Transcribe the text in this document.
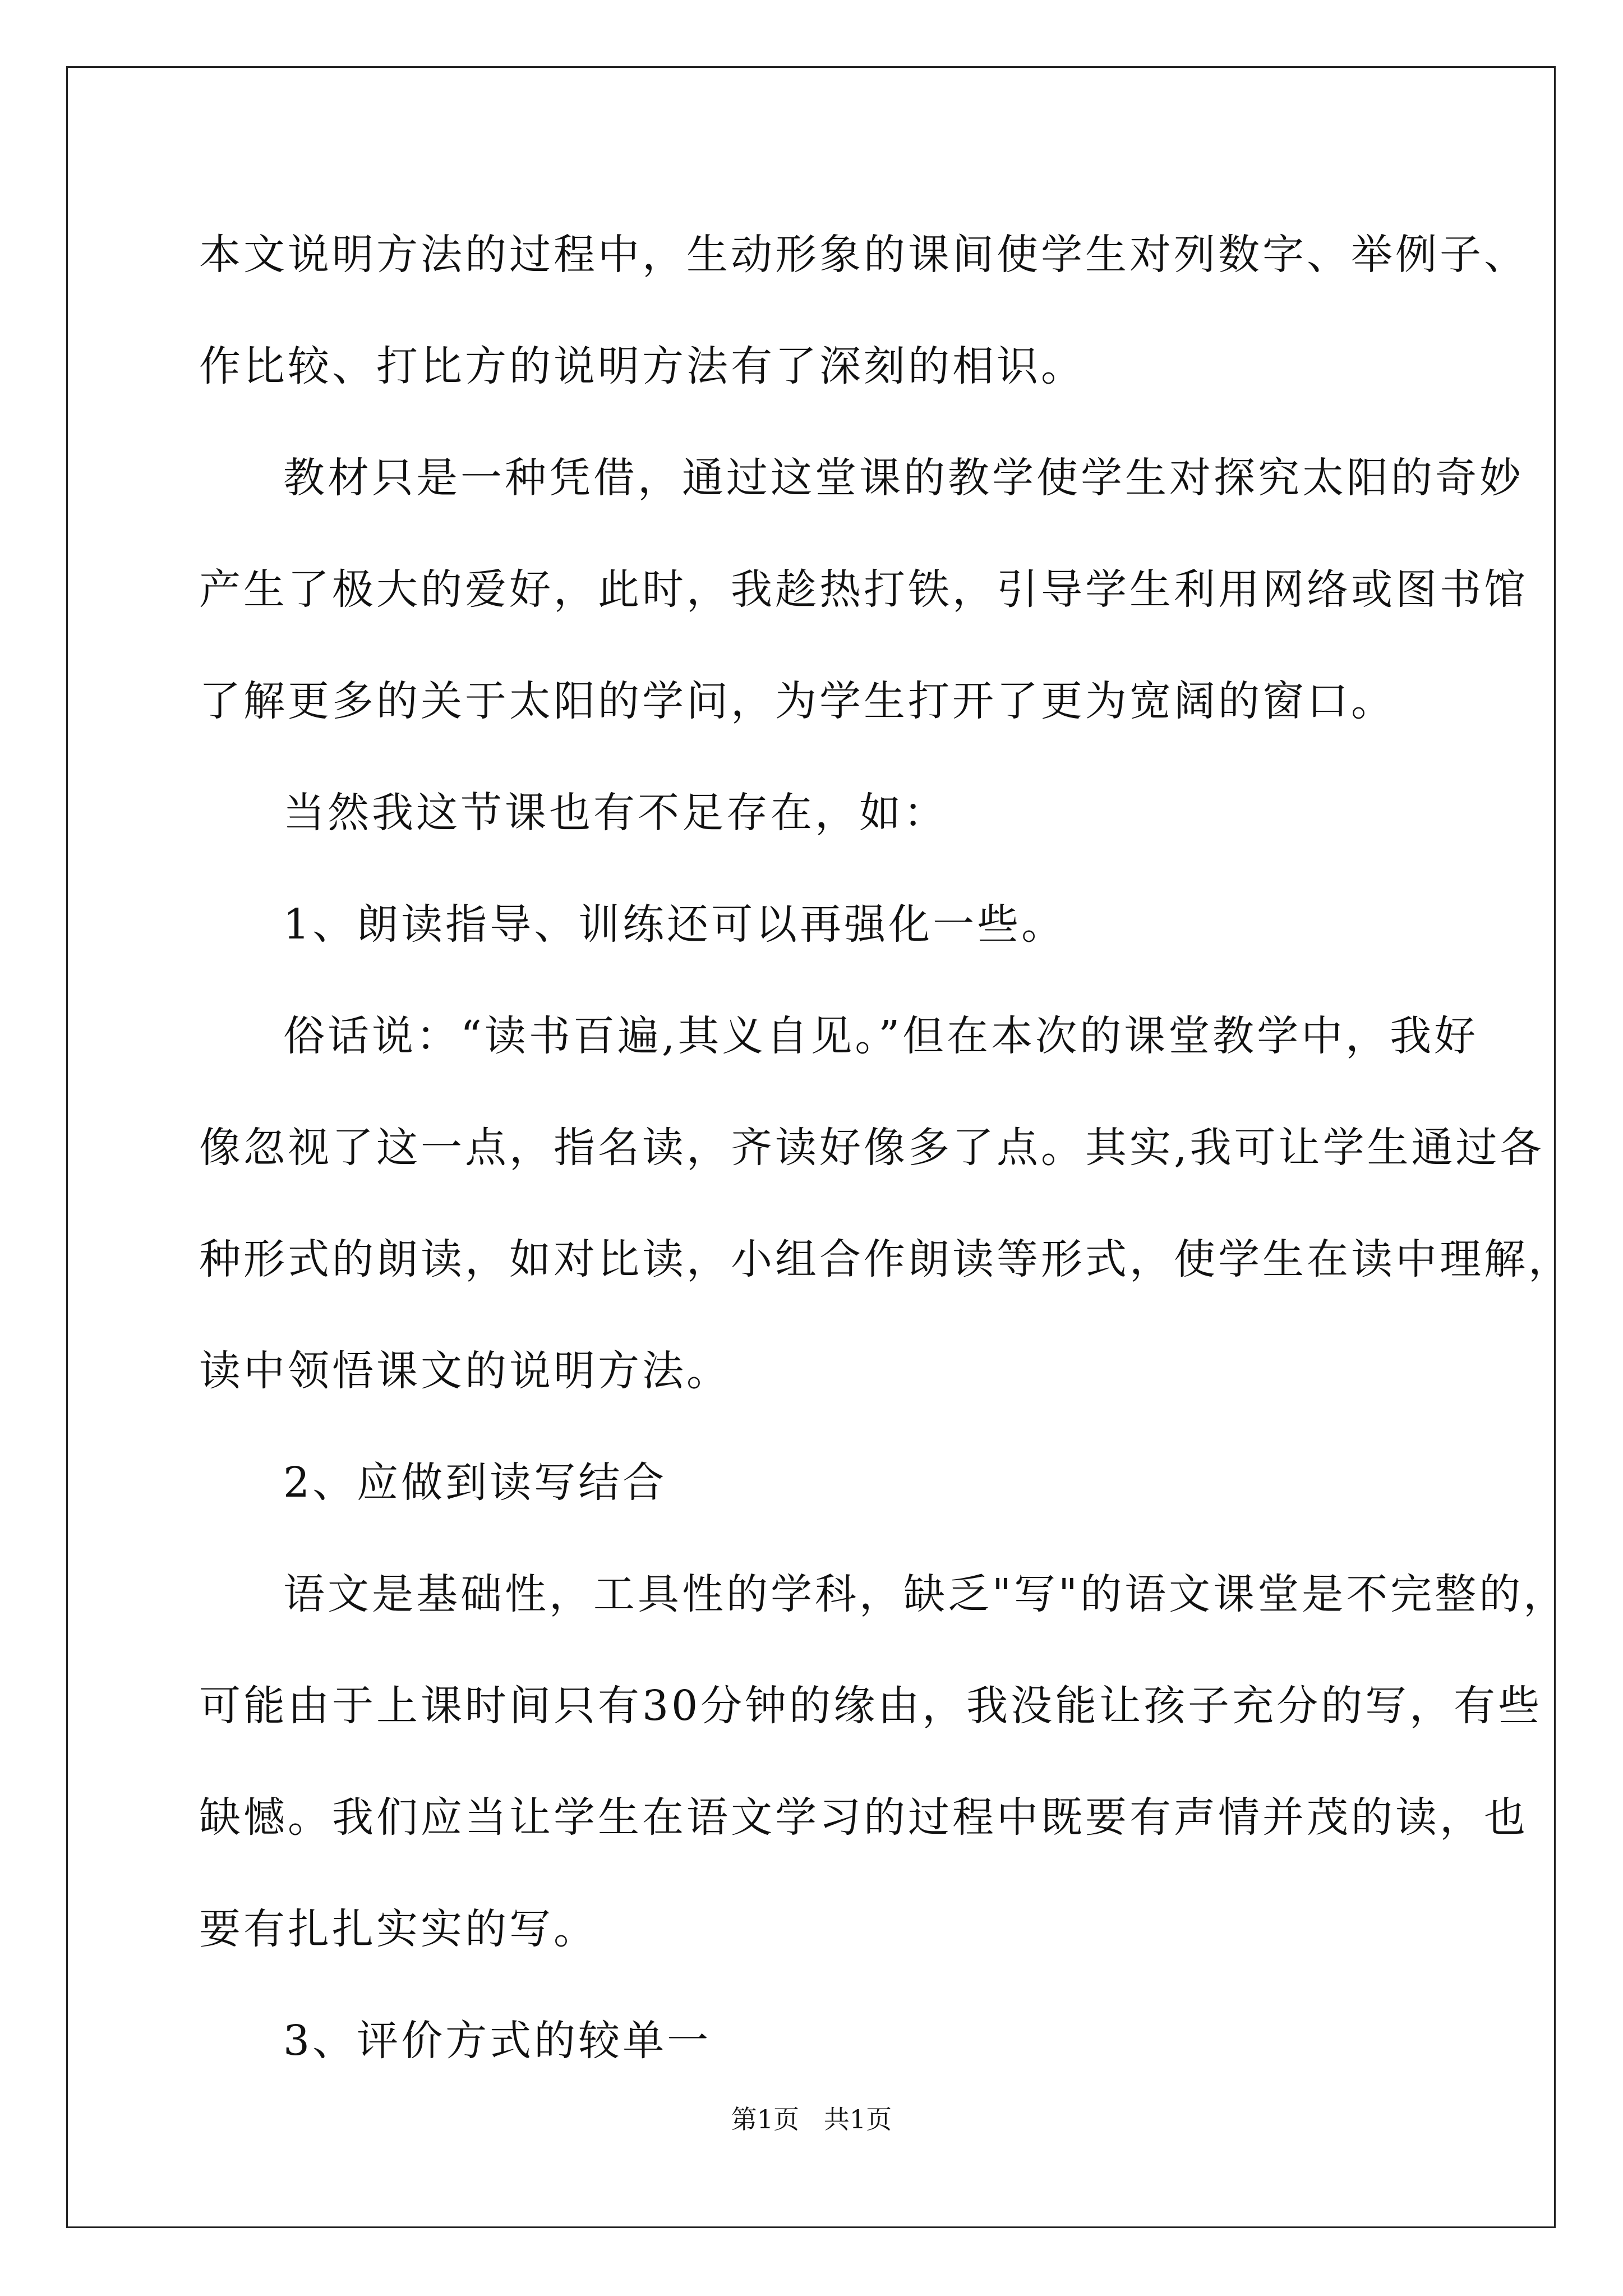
本文说明方法的过程中，生动形象的课间使学生对列数字、举例子、
作比较、打比方的说明方法有了深刻的相识。
教材只是一种凭借，通过这堂课的教学使学生对探究太阳的奇妙
产生了极大的爱好，此时，我趁热打铁，引导学生利用网络或图书馆
了解更多的关于太阳的学问，为学生打开了更为宽阔的窗口。
当然我这节课也有不足存在，如：
1、朗读指导、训练还可以再强化一些。
俗话说：“读书百遍,其义自见。”但在本次的课堂教学中，我好
像忽视了这一点，指名读，齐读好像多了点。其实,我可让学生通过各
种形式的朗读，如对比读，小组合作朗读等形式，使学生在读中理解，
读中领悟课文的说明方法。
2、应做到读写结合
语文是基础性，工具性的学科，缺乏"写"的语文课堂是不完整的，
可能由于上课时间只有30分钟的缘由，我没能让孩子充分的写，有些
缺憾。我们应当让学生在语文学习的过程中既要有声情并茂的读，也
要有扎扎实实的写。
3、评价方式的较单一
第1页   共1页
